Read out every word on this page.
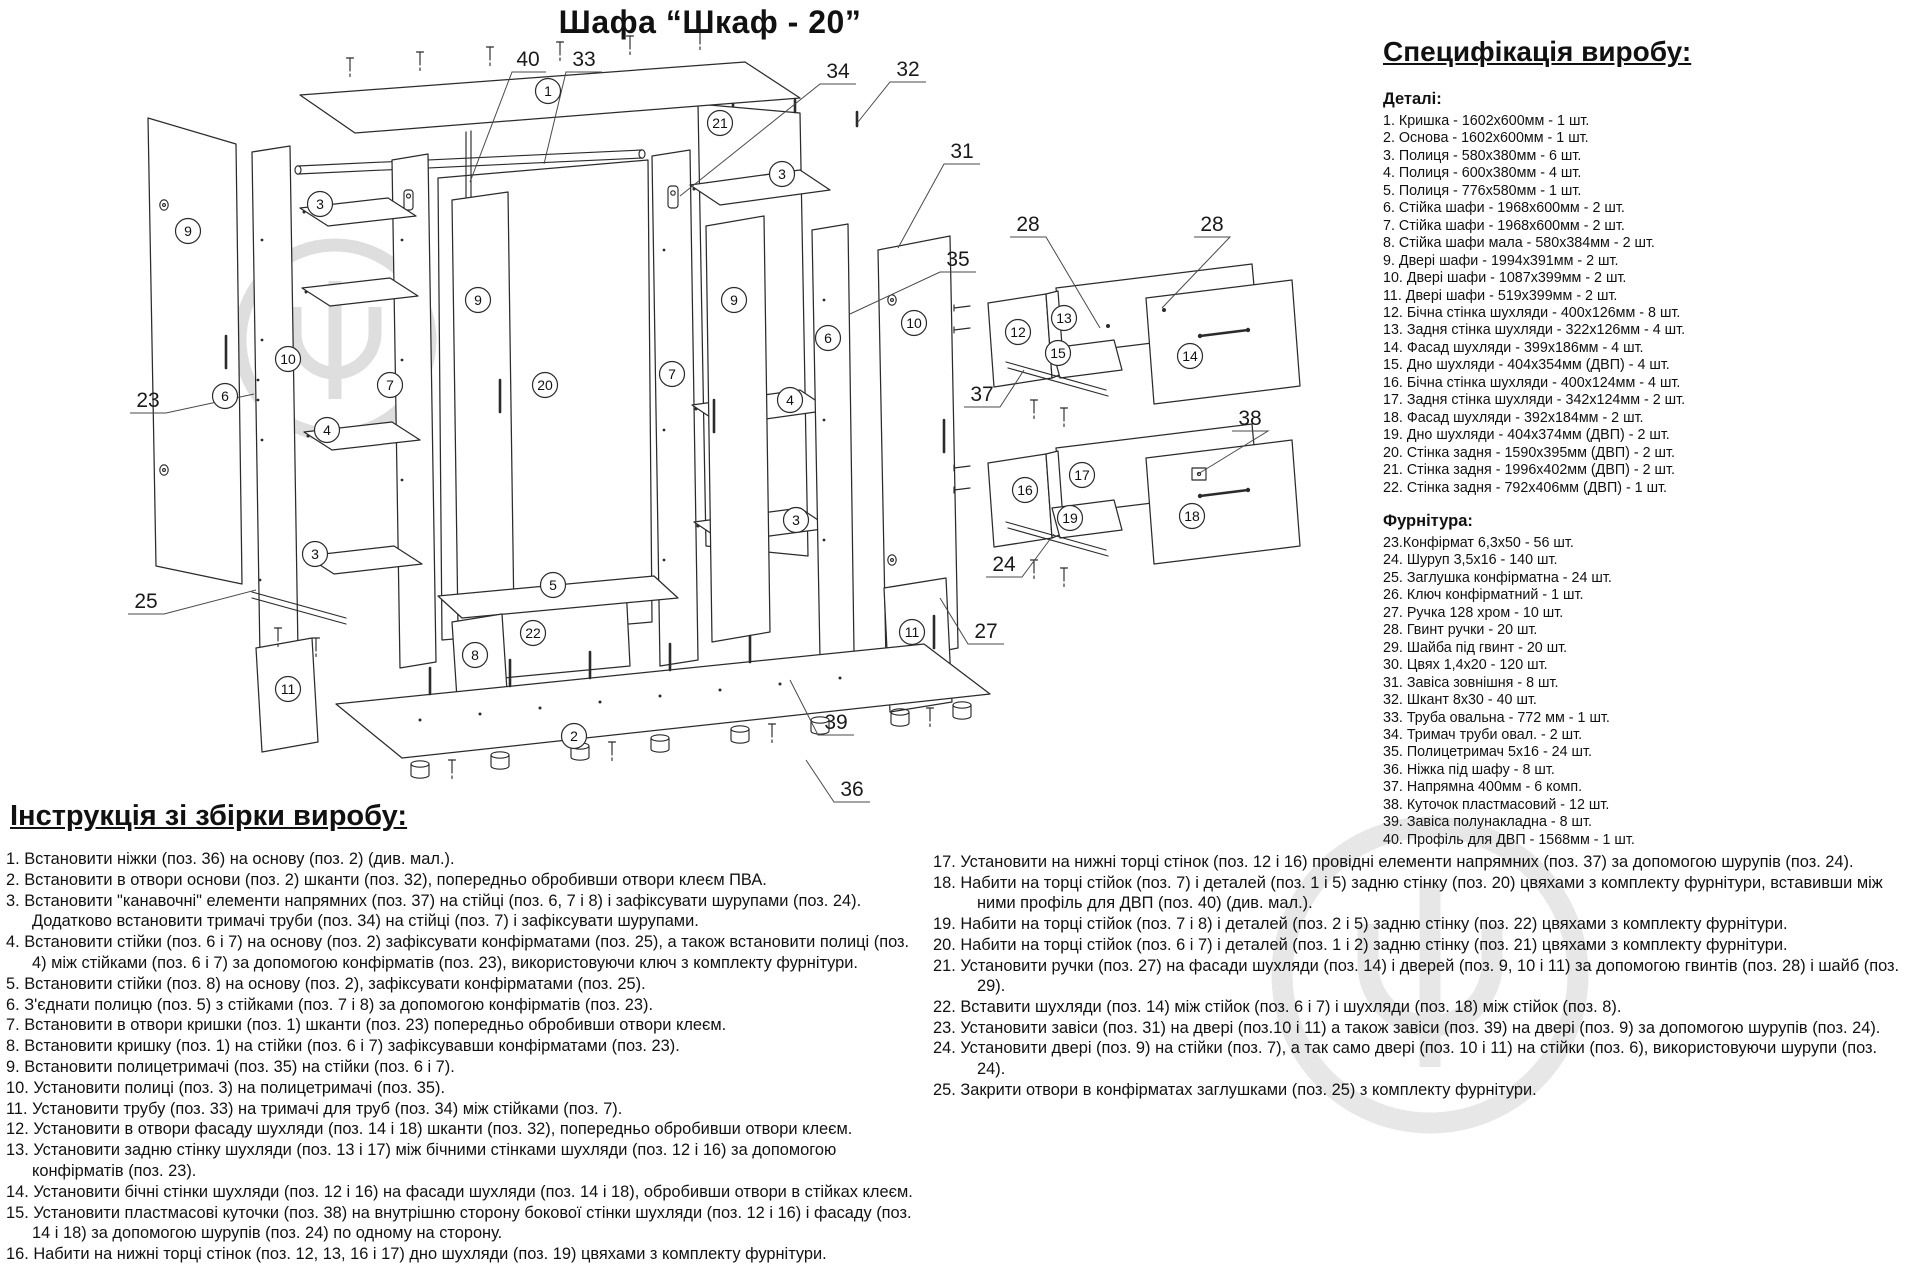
40 33
34 32
31
35
28	28
37
38
24
27
23
25
39
36
1
21
3
9
10
6
7
9
20
4
3
5
8
22
2
7
9
3
6
4
3
10
11
11
12
13
15	14
16
17
19	18
Шафа “Шкаф - 20”
Специфікація виробу:
Деталі:
1. Кришка - 1602х600мм - 1 шт.
2. Основа - 1602х600мм - 1 шт.
3. Полиця - 580х380мм - 6 шт.
4. Полиця - 600х380мм - 4 шт.
5. Полиця - 776х580мм - 1 шт.
6. Стійка шафи - 1968х600мм - 2 шт.
7. Стійка шафи - 1968х600мм - 2 шт.
8. Стійка шафи мала - 580х384мм - 2 шт.
9. Двері шафи - 1994х391мм - 2 шт.
10. Двері шафи - 1087х399мм - 2 шт.
11. Двері шафи - 519х399мм - 2 шт.
12. Бічна стінка шухляди - 400х126мм - 8 шт.
13. Задня стінка шухляди - 322х126мм - 4 шт.
14. Фасад шухляди - 399х186мм - 4 шт.
15. Дно шухляди - 404х354мм (ДВП) - 4 шт.
16. Бічна стінка шухляди - 400х124мм - 4 шт.
17. Задня стінка шухляди - 342х124мм - 2 шт.
18. Фасад шухляди - 392х184мм - 2 шт.
19. Дно шухляди - 404х374мм (ДВП) - 2 шт.
20. Стінка задня - 1590х395мм (ДВП) - 2 шт.
21. Стінка задня - 1996х402мм (ДВП) - 2 шт.
22. Стінка задня - 792х406мм (ДВП) - 1 шт.
Фурнітура:
23.Конфірмат 6,3х50 - 56 шт.
24. Шуруп 3,5х16 - 140 шт.
25. Заглушка конфірматна - 24 шт.
26. Ключ конфірматний - 1 шт.
27. Ручка 128 хром - 10 шт.
28. Гвинт ручки - 20 шт.
29. Шайба під гвинт - 20 шт.
30. Цвях 1,4х20 - 120 шт.
31. Завіса зовнішня - 8 шт.
32. Шкант 8х30 - 40 шт.
33. Труба овальна - 772 мм - 1 шт.
34. Тримач труби овал. - 2 шт.
35. Полицетримач 5х16 - 24 шт.
36. Ніжка під шафу - 8 шт.
37. Напрямна 400мм - 6 комп.
38. Куточок пластмасовий - 12 шт.
39. Завіса полунакладна - 8 шт.
40. Профіль для ДВП - 1568мм - 1 шт.
Інструкція зі збірки виробу:
1. Встановити ніжки (поз. 36) на основу (поз. 2) (див. мал.).
2. Встановити в отвори основи (поз. 2) шканти (поз. 32), попередньо обробивши отвори клеєм ПВА.
3. Встановити "канавочні" елементи напрямних (поз. 37) на стійці (поз. 6, 7 і 8) і зафіксувати шурупами (поз. 24). Додатково встановити тримачі труби (поз. 34) на стійці (поз. 7) і зафіксувати шурупами.
4. Встановити стійки (поз. 6 і 7) на основу (поз. 2) зафіксувати конфірматами (поз. 25), а також встановити полиці (поз. 4) між стійками (поз. 6 і 7) за допомогою конфірматів (поз. 23), використовуючи ключ з комплекту фурнітури.
5. Встановити стійки (поз. 8) на основу (поз. 2), зафіксувати конфірматами (поз. 25).
6. З'єднати полицю (поз. 5) з стійками (поз. 7 і 8) за допомогою конфірматів (поз. 23).
7. Встановити в отвори кришки (поз. 1) шканти (поз. 23) попередньо обробивши отвори клеєм.
8. Встановити кришку (поз. 1) на стійки (поз. 6 і 7) зафіксувавши конфірматами (поз. 23).
9. Встановити полицетримачі (поз. 35) на стійки (поз. 6 і 7).
10. Установити полиці (поз. 3) на полицетримачі (поз. 35).
11. Установити трубу (поз. 33) на тримачі для труб (поз. 34) між стійками (поз. 7).
12. Установити в отвори фасаду шухляди (поз. 14 і 18) шканти (поз. 32), попередньо обробивши отвори клеєм.
13. Установити задню стінку шухляди (поз. 13 і 17) між бічними стінками шухляди (поз. 12 і 16) за допомогою конфірматів (поз. 23).
14. Установити бічні стінки шухляди (поз. 12 і 16) на фасади шухляди (поз. 14 і 18), обробивши отвори в стійках клеєм.
15. Установити пластмасові куточки (поз. 38) на внутрішню сторону бокової стінки шухляди (поз. 12 і 16) і фасаду (поз. 14 і 18) за допомогою шурупів (поз. 24) по одному на сторону.
16. Набити на нижні торці стінок (поз. 12, 13, 16 і 17) дно шухляди (поз. 19) цвяхами з комплекту фурнітури.
17. Установити на нижні торці стінок (поз. 12 і 16) провідні елементи напрямних (поз. 37) за допомогою шурупів (поз. 24).
18. Набити на торці стійок (поз. 7) і деталей (поз. 1 і 5) задню стінку (поз. 20) цвяхами з комплекту фурнітури, вставивши між ними профіль для ДВП (поз. 40) (див. мал.).
19. Набити на торці стійок (поз. 7 і 8) і деталей (поз. 2 і 5) задню стінку (поз. 22) цвяхами з комплекту фурнітури.
20. Набити на торці стійок (поз. 6 і 7) і деталей (поз. 1 і 2) задню стінку (поз. 21) цвяхами з комплекту фурнітури.
21. Установити ручки (поз. 27) на фасади шухляди (поз. 14) і дверей (поз. 9, 10 і 11) за допомогою гвинтів (поз. 28) і шайб (поз. 29).
22. Вставити шухляди (поз. 14) між стійок (поз. 6 і 7) і шухляди (поз. 18) між стійок (поз. 8).
23. Установити завіси (поз. 31) на двері (поз.10 і 11) а також завіси (поз. 39) на двері (поз. 9) за допомогою шурупів (поз. 24).
24. Установити двері (поз. 9) на стійки (поз. 7), а так само двері (поз. 10 і 11) на стійки (поз. 6), використовуючи шурупи (поз. 24).
25. Закрити отвори в конфірматах заглушками (поз. 25) з комплекту фурнітури.
